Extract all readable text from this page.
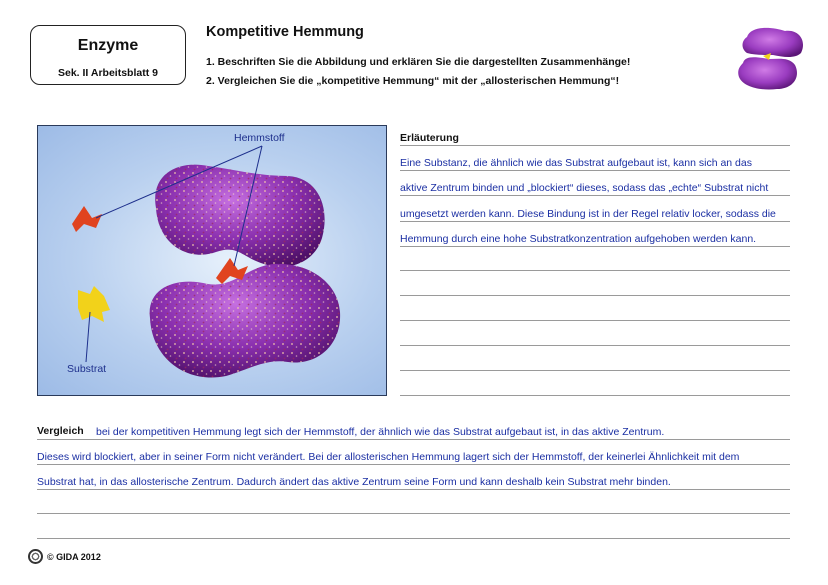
Enzyme
Sek. II Arbeitsblatt 9
Kompetitive Hemmung
1. Beschriften Sie die Abbildung und erklären Sie die dargestellten Zusammenhänge!
2. Vergleichen Sie die „kompetitive Hemmung“ mit der „allosterischen Hemmung“!
Hemmstoff
Substrat
Erläuterung
Eine Substanz, die ähnlich wie das Substrat aufgebaut ist, kann sich an das
aktive Zentrum binden und „blockiert“ dieses, sodass das „echte“ Substrat nicht
umgesetzt werden kann. Diese Bindung ist in der Regel relativ locker, sodass die
Hemmung durch eine hohe Substratkonzentration aufgehoben werden kann.
Vergleich bei der kompetitiven Hemmung legt sich der Hemmstoff, der ähnlich wie das Substrat aufgebaut ist, in das aktive Zentrum.
Dieses wird blockiert, aber in seiner Form nicht verändert. Bei der allosterischen Hemmung lagert sich der Hemmstoff, der keinerlei Ähnlichkeit mit dem
Substrat hat, in das allosterische Zentrum. Dadurch ändert das aktive Zentrum seine Form und kann deshalb kein Substrat mehr binden.
© GIDA 2012
